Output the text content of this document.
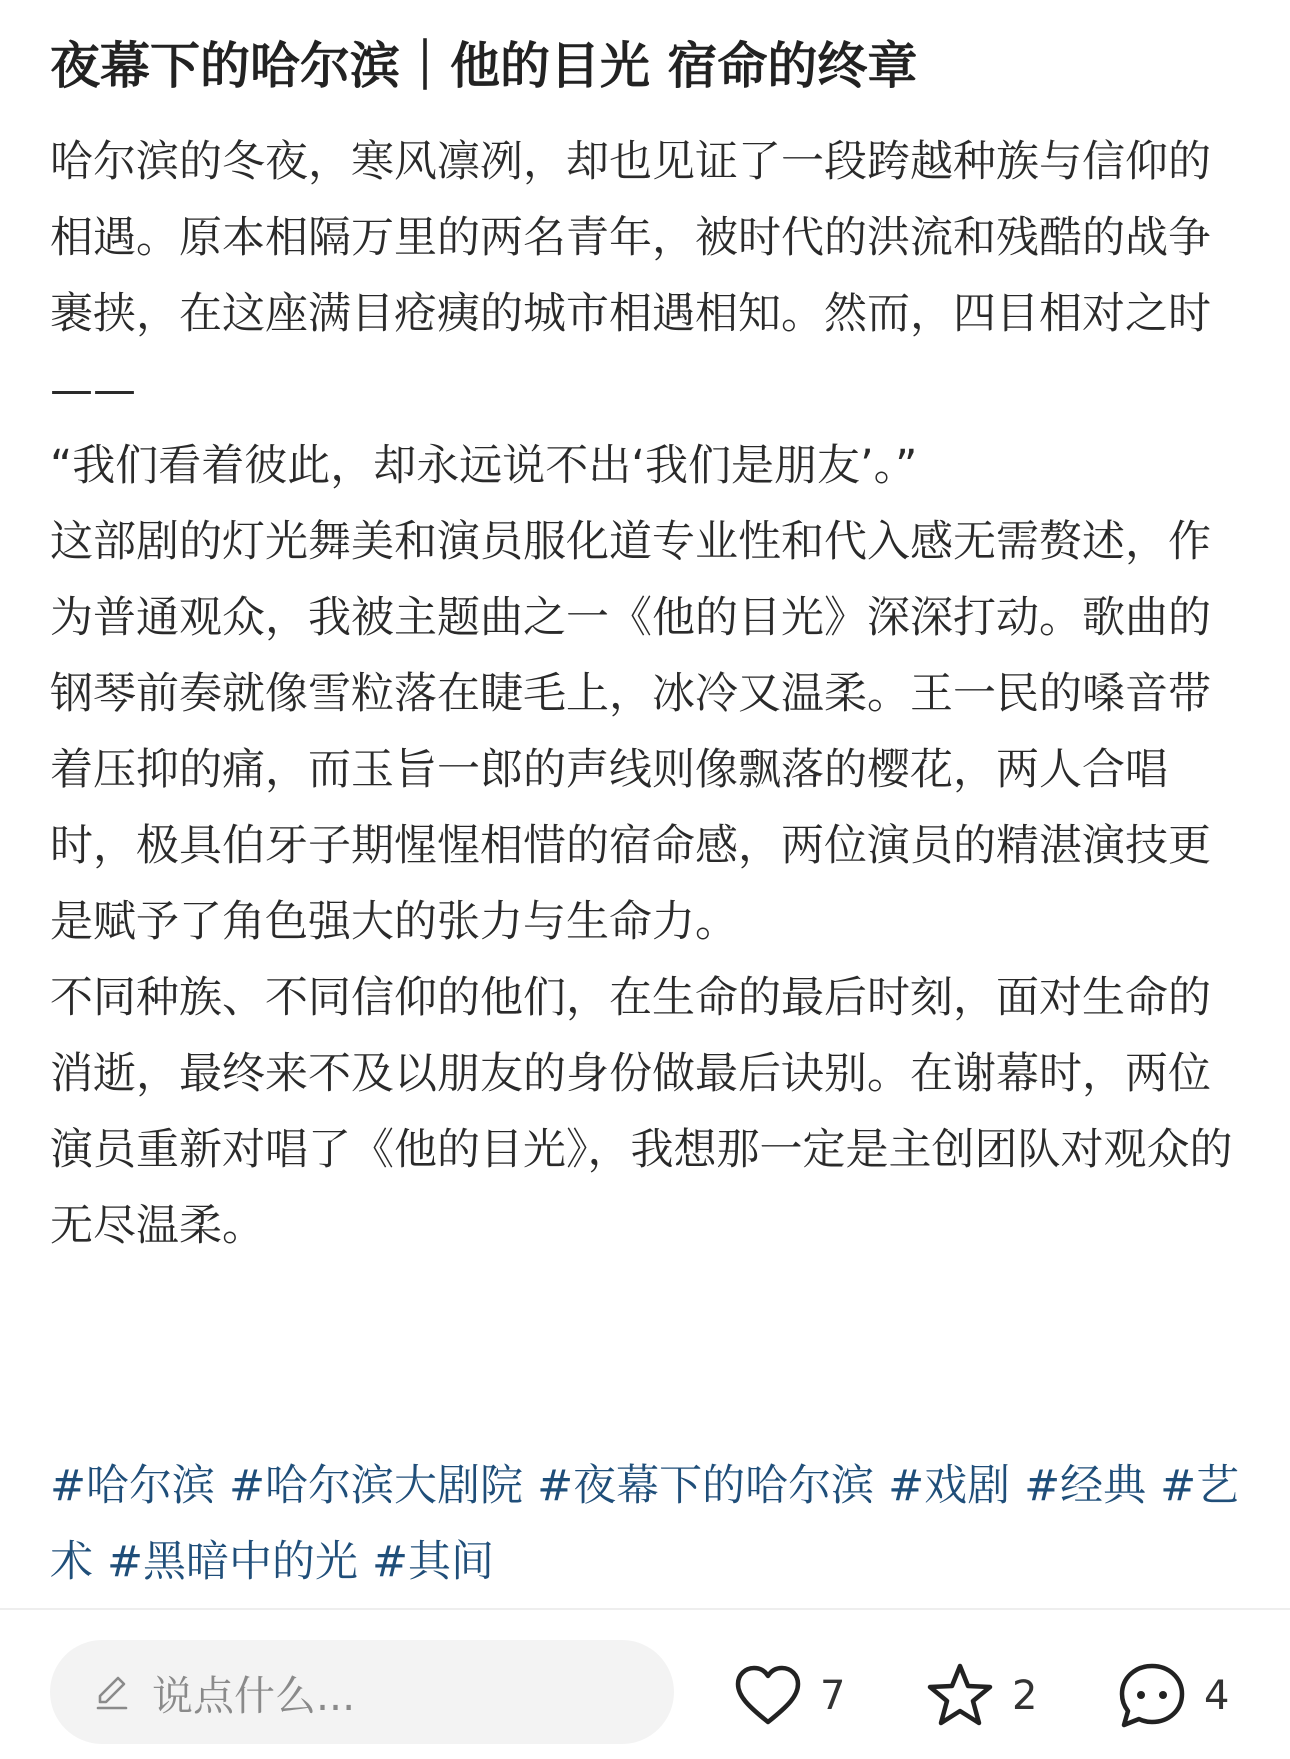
夜幕下的哈尔滨｜他的目光 宿命的终章

哈尔滨的冬夜，寒风凛冽，却也见证了一段跨越种族与信仰的相遇。原本相隔万里的两名青年，被时代的洪流和残酷的战争裹挟，在这座满目疮痍的城市相遇相知。然而，四目相对之时——

“我们看着彼此，却永远说不出‘我们是朋友’。”

这部剧的灯光舞美和演员服化道专业性和代入感无需赘述，作为普通观众，我被主题曲之一《他的目光》深深打动。歌曲的钢琴前奏就像雪粒落在睫毛上，冰冷又温柔。王一民的嗓音带着压抑的痛，而玉旨一郎的声线则像飘落的樱花，两人合唱时，极具伯牙子期惺惺相惜的宿命感，两位演员的精湛演技更是赋予了角色强大的张力与生命力。

不同种族、不同信仰的他们，在生命的最后时刻，面对生命的消逝，最终来不及以朋友的身份做最后诀别。在谢幕时，两位演员重新对唱了《他的目光》，我想那一定是主创团队对观众的无尽温柔。

#哈尔滨 #哈尔滨大剧院 #夜幕下的哈尔滨 #戏剧 #经典 #艺术 #黑暗中的光 #其间
说点什么...	7	2	4
